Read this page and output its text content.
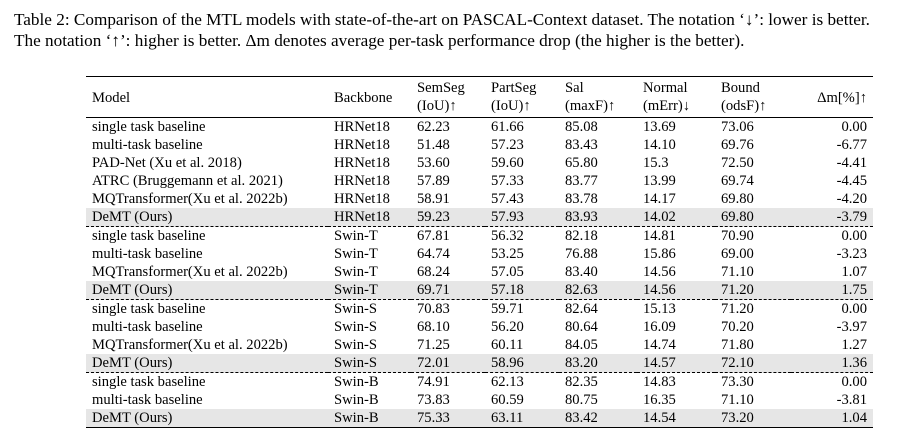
Table 2: Comparison of the MTL models with state-of-the-art on PASCAL-Context dataset. The notation ‘↓’: lower is better.
The notation ‘↑’: higher is better. Δm denotes average per-task performance drop (the higher is the better).

Model	Backbone	SemSeg	PartSeg	Sal	Normal	Bound	Δm[%]↑
		(IoU)↑	(IoU)↑	(maxF)↑	(mErr)↓	(odsF)↑	
single task baseline	HRNet18	62.23	61.66	85.08	13.69	73.06	0.00
multi-task baseline	HRNet18	51.48	57.23	83.43	14.10	69.76	-6.77
PAD-Net (Xu et al. 2018)	HRNet18	53.60	59.60	65.80	15.3	72.50	-4.41
ATRC (Bruggemann et al. 2021)	HRNet18	57.89	57.33	83.77	13.99	69.74	-4.45
MQTransformer(Xu et al. 2022b)	HRNet18	58.91	57.43	83.78	14.17	69.80	-4.20
DeMT (Ours)	HRNet18	59.23	57.93	83.93	14.02	69.80	-3.79
single task baseline	Swin-T	67.81	56.32	82.18	14.81	70.90	0.00
multi-task baseline	Swin-T	64.74	53.25	76.88	15.86	69.00	-3.23
MQTransformer(Xu et al. 2022b)	Swin-T	68.24	57.05	83.40	14.56	71.10	1.07
DeMT (Ours)	Swin-T	69.71	57.18	82.63	14.56	71.20	1.75
single task baseline	Swin-S	70.83	59.71	82.64	15.13	71.20	0.00
multi-task baseline	Swin-S	68.10	56.20	80.64	16.09	70.20	-3.97
MQTransformer(Xu et al. 2022b)	Swin-S	71.25	60.11	84.05	14.74	71.80	1.27
DeMT (Ours)	Swin-S	72.01	58.96	83.20	14.57	72.10	1.36
single task baseline	Swin-B	74.91	62.13	82.35	14.83	73.30	0.00
multi-task baseline	Swin-B	73.83	60.59	80.75	16.35	71.10	-3.81
DeMT (Ours)	Swin-B	75.33	63.11	83.42	14.54	73.20	1.04
